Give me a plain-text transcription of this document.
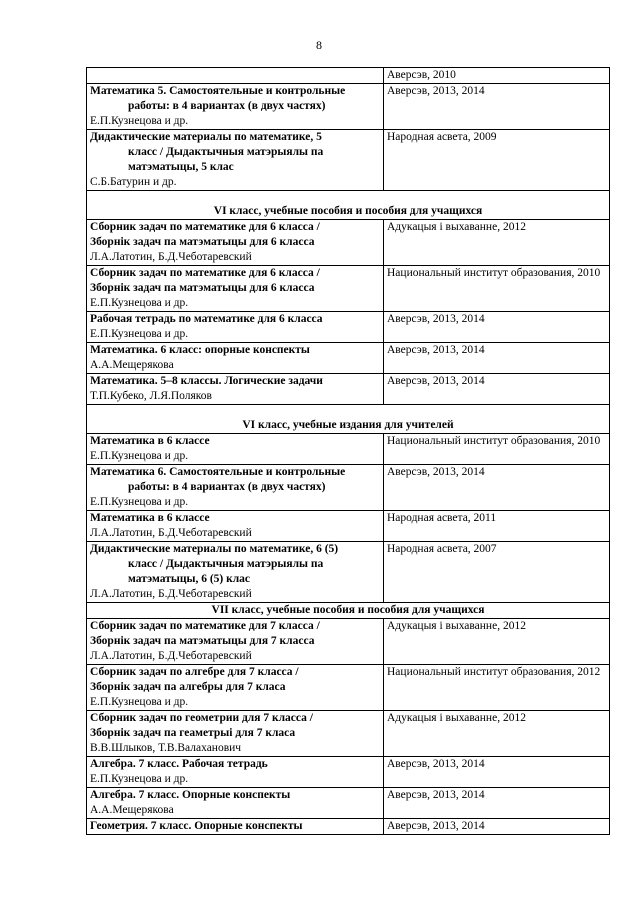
8

	Аверсэв, 2010

Математика 5. Самостоятельные и контрольные
работы: в 4 вариантах (в двух частях)
Е.П.Кузнецова и др.	Аверсэв, 2013, 2014

Дидактические материалы по математике, 5
класс / Дыдактычныя матэрыялы па
матэматыцы, 5 клас
С.Б.Батурин и др.	Народная асвета, 2009

VI класс, учебные пособия и пособия для учащихся	

Сборник задач по математике для 6 класса /
Зборнік задач па матэматыцы для 6 класса
Л.А.Латотин, Б.Д.Чеботаревский	Адукацыя і выхаванне, 2012

Сборник задач по математике для 6 класса /
Зборнік задач па матэматыцы для 6 класса
Е.П.Кузнецова и др.	Национальный институт образования, 2010

Рабочая тетрадь по математике для 6 класса
Е.П.Кузнецова и др.	Аверсэв, 2013, 2014

Математика. 6 класс: опорные конспекты
А.А.Мещерякова	Аверсэв, 2013, 2014

Математика. 5–8 классы. Логические задачи
Т.П.Кубеко, Л.Я.Поляков	Аверсэв, 2013, 2014

VI класс, учебные издания для учителей	

Математика в 6 классе
Е.П.Кузнецова и др.	Национальный институт образования, 2010

Математика 6. Самостоятельные и контрольные
работы: в 4 вариантах (в двух частях)
Е.П.Кузнецова и др.	Аверсэв, 2013, 2014

Математика в 6 классе
Л.А.Латотин, Б.Д.Чеботаревский	Народная асвета, 2011

Дидактические материалы по математике, 6 (5)
класс / Дыдактычныя матэрыялы па
матэматыцы, 6 (5) клас
Л.А.Латотин, Б.Д.Чеботаревский	Народная асвета, 2007

VII класс, учебные пособия и пособия для учащихся	

Сборник задач по математике для 7 класса /
Зборнік задач па матэматыцы для 7 класса
Л.А.Латотин, Б.Д.Чеботаревский	Адукацыя і выхаванне, 2012

Сборник задач по алгебре для 7 класса /
Зборнік задач па алгебры для 7 класа
Е.П.Кузнецова и др.	Национальный институт образования, 2012

Сборник задач по геометрии для 7 класса /
Зборнік задач па геаметрыі для 7 класа
В.В.Шлыков, Т.В.Валаханович	Адукацыя і выхаванне, 2012

Алгебра. 7 класс. Рабочая тетрадь
Е.П.Кузнецова и др.	Аверсэв, 2013, 2014

Алгебра. 7 класс. Опорные конспекты
А.А.Мещерякова	Аверсэв, 2013, 2014

Геометрия. 7 класс. Опорные конспекты	Аверсэв, 2013, 2014
